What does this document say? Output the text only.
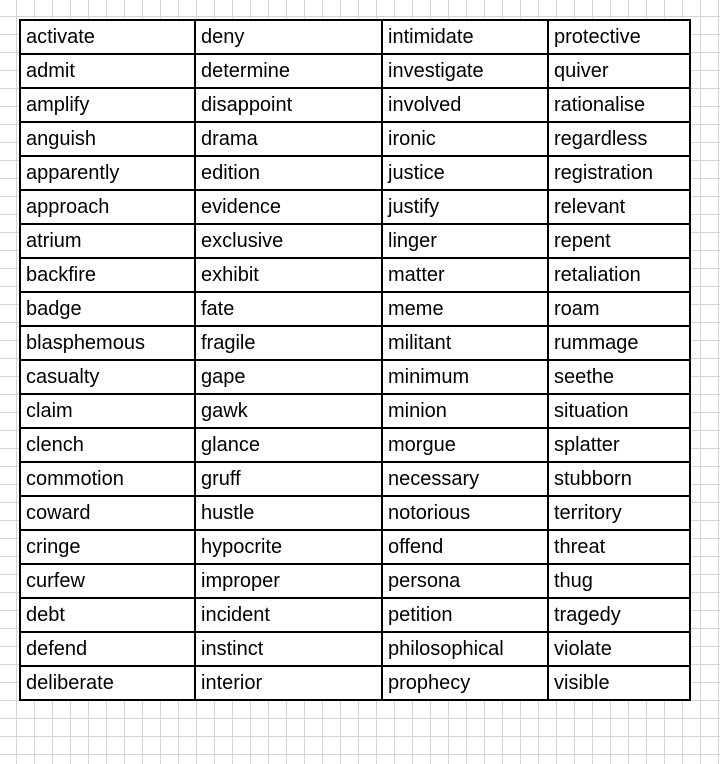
activate	deny	intimidate	protective
admit	determine	investigate	quiver
amplify	disappoint	involved	rationalise
anguish	drama	ironic	regardless
apparently	edition	justice	registration
approach	evidence	justify	relevant
atrium	exclusive	linger	repent
backfire	exhibit	matter	retaliation
badge	fate	meme	roam
blasphemous	fragile	militant	rummage
casualty	gape	minimum	seethe
claim	gawk	minion	situation
clench	glance	morgue	splatter
commotion	gruff	necessary	stubborn
coward	hustle	notorious	territory
cringe	hypocrite	offend	threat
curfew	improper	persona	thug
debt	incident	petition	tragedy
defend	instinct	philosophical	violate
deliberate	interior	prophecy	visible
